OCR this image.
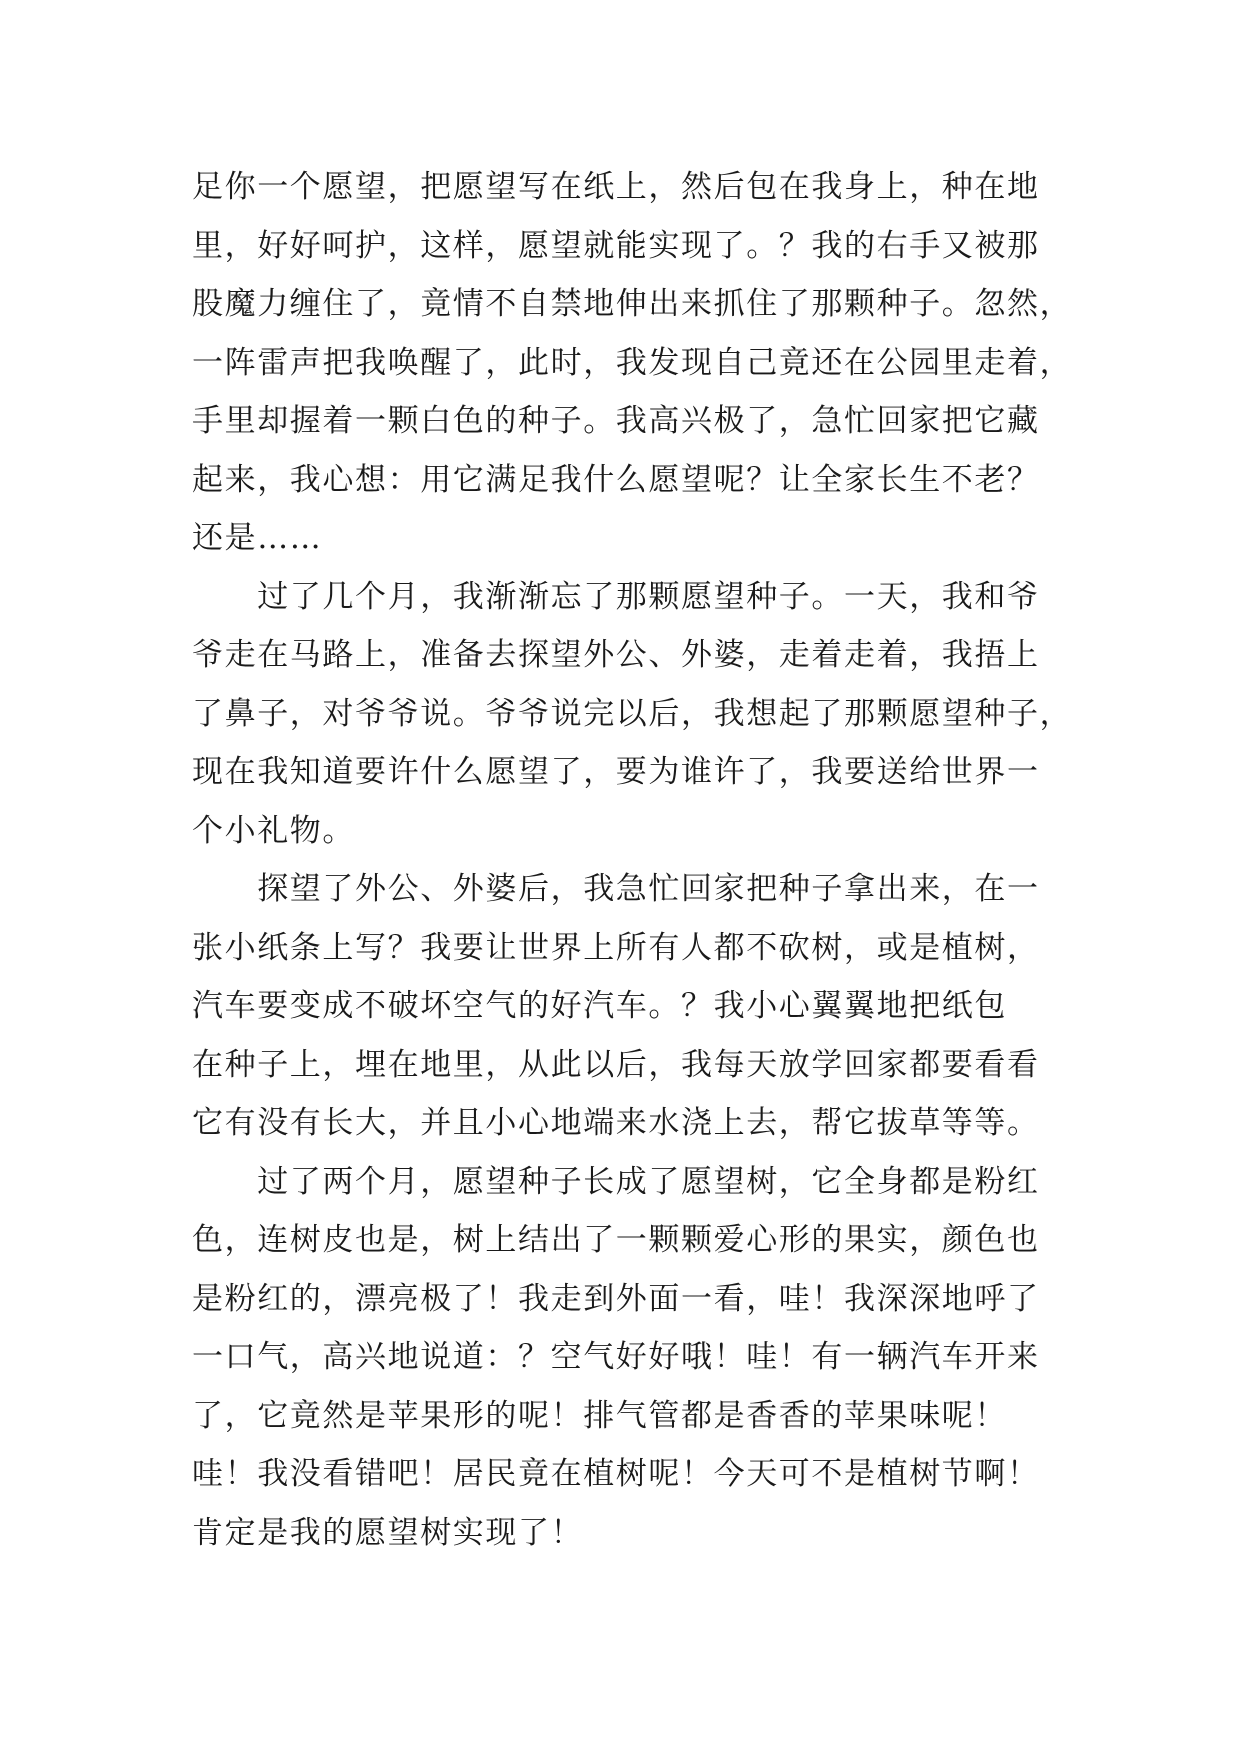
足你一个愿望，把愿望写在纸上，然后包在我身上，种在地
里，好好呵护，这样，愿望就能实现了。？我的右手又被那
股魔力缠住了，竟情不自禁地伸出来抓住了那颗种子。忽然，
一阵雷声把我唤醒了，此时，我发现自己竟还在公园里走着，
手里却握着一颗白色的种子。我高兴极了，急忙回家把它藏
起来，我心想：用它满足我什么愿望呢？让全家长生不老？
还是……
　　过了几个月，我渐渐忘了那颗愿望种子。一天，我和爷
爷走在马路上，准备去探望外公、外婆，走着走着，我捂上
了鼻子，对爷爷说。爷爷说完以后，我想起了那颗愿望种子，
现在我知道要许什么愿望了，要为谁许了，我要送给世界一
个小礼物。
　　探望了外公、外婆后，我急忙回家把种子拿出来，在一
张小纸条上写？我要让世界上所有人都不砍树，或是植树，
汽车要变成不破坏空气的好汽车。？我小心翼翼地把纸包
在种子上，埋在地里，从此以后，我每天放学回家都要看看
它有没有长大，并且小心地端来水浇上去，帮它拔草等等。
　　过了两个月，愿望种子长成了愿望树，它全身都是粉红
色，连树皮也是，树上结出了一颗颗爱心形的果实，颜色也
是粉红的，漂亮极了！我走到外面一看，哇！我深深地呼了
一口气，高兴地说道：？空气好好哦！哇！有一辆汽车开来
了，它竟然是苹果形的呢！排气管都是香香的苹果味呢！
哇！我没看错吧！居民竟在植树呢！今天可不是植树节啊！
肯定是我的愿望树实现了！
